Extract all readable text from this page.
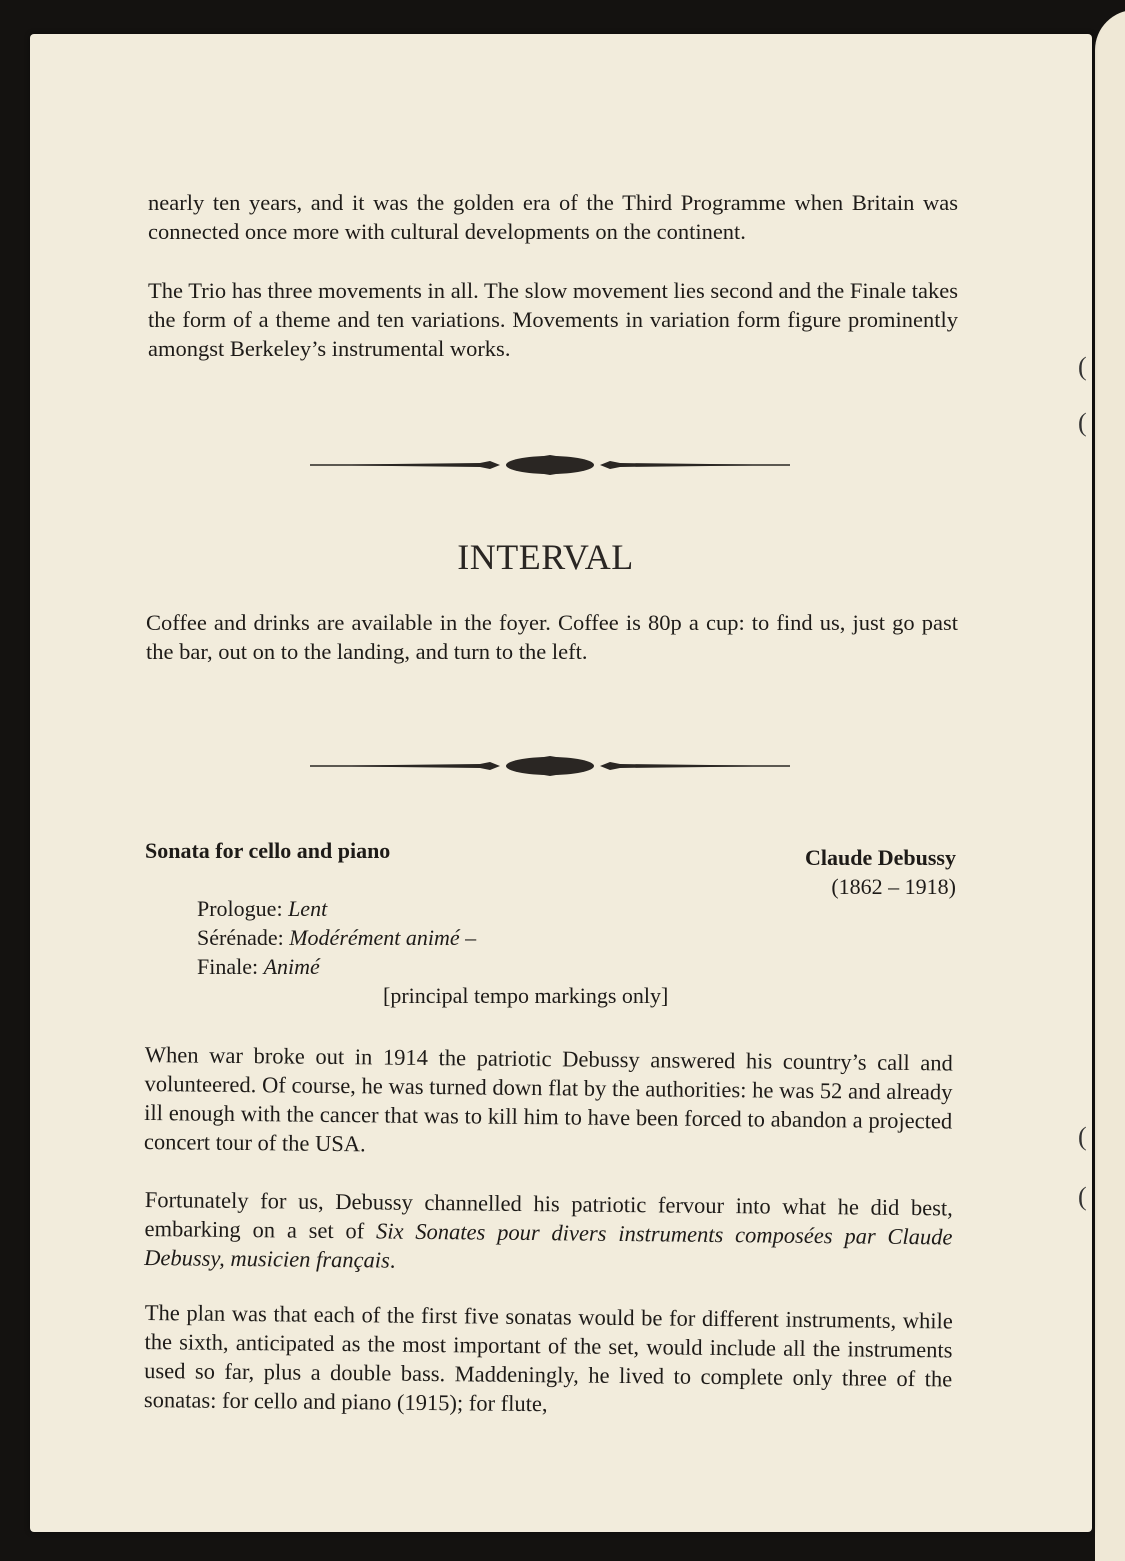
nearly ten years, and it was the golden era of the Third Programme when Britain was connected once more with cultural developments on the continent.

The Trio has three movements in all. The slow movement lies second and the Finale takes the form of a theme and ten variations. Movements in variation form figure prominently amongst Berkeley’s instrumental works.

INTERVAL

Coffee and drinks are available in the foyer. Coffee is 80p a cup: to find us, just go past the bar, out on to the landing, and turn to the left.

Sonata for cello and piano	Claude Debussy
(1862 – 1918)
Prologue: Lent
Sérénade: Modérément animé –
Finale: Animé
[principal tempo markings only]

When war broke out in 1914 the patriotic Debussy answered his country’s call and volunteered. Of course, he was turned down flat by the authorities: he was 52 and already ill enough with the cancer that was to kill him to have been forced to abandon a projected concert tour of the USA.

Fortunately for us, Debussy channelled his patriotic fervour into what he did best, embarking on a set of Six Sonates pour divers instruments composées par Claude Debussy, musicien français.

The plan was that each of the first five sonatas would be for different instruments, while the sixth, anticipated as the most important of the set, would include all the instruments used so far, plus a double bass. Maddeningly, he lived to complete only three of the sonatas: for cello and piano (1915); for flute,

(
(
(
(
